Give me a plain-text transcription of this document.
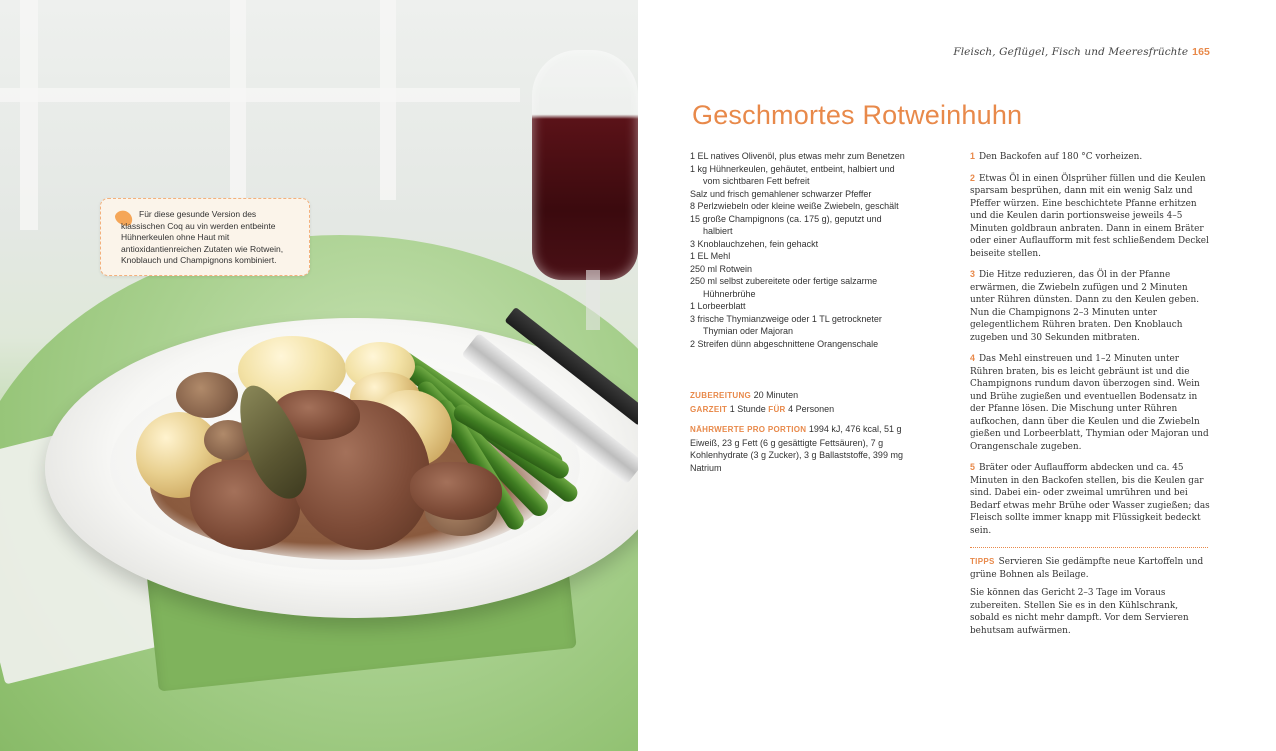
Für diese gesunde Version des klassischen Coq au vin werden entbeinte Hühnerkeulen ohne Haut mit antioxidantienreichen Zutaten wie Rotwein, Knoblauch und Champignons kombiniert.
Fleisch, Geflügel, Fisch und Meeresfrüchte 165
Geschmortes Rotweinhuhn
1 EL natives Olivenöl, plus etwas mehr zum Benetzen
1 kg Hühnerkeulen, gehäutet, entbeint, halbiert und vom sichtbaren Fett befreit
Salz und frisch gemahlener schwarzer Pfeffer
8 Perlzwiebeln oder kleine weiße Zwiebeln, geschält
15 große Champignons (ca. 175 g), geputzt und halbiert
3 Knoblauchzehen, fein gehackt
1 EL Mehl
250 ml Rotwein
250 ml selbst zubereitete oder fertige salzarme Hühnerbrühe
1 Lorbeerblatt
3 frische Thymianzweige oder 1 TL getrockneter Thymian oder Majoran
2 Streifen dünn abgeschnittene Orangenschale
ZUBEREITUNG 20 Minuten
GARZEIT 1 Stunde FÜR 4 Personen
NÄHRWERTE PRO PORTION 1994 kJ, 476 kcal, 51 g Eiweiß, 23 g Fett (6 g gesättigte Fettsäuren), 7 g Kohlenhydrate (3 g Zucker), 3 g Ballaststoffe, 399 mg Natrium
1 Den Backofen auf 180 °C vorheizen.
2 Etwas Öl in einen Ölsprüher füllen und die Keulen sparsam besprühen, dann mit ein wenig Salz und Pfeffer würzen. Eine beschichtete Pfanne erhitzen und die Keulen darin portionsweise jeweils 4–5 Minuten goldbraun anbraten. Dann in einem Bräter oder einer Auflaufform mit fest schließendem Deckel beiseite stellen.
3 Die Hitze reduzieren, das Öl in der Pfanne erwärmen, die Zwiebeln zufügen und 2 Minuten unter Rühren dünsten. Dann zu den Keulen geben. Nun die Champignons 2–3 Minuten unter gelegentlichem Rühren braten. Den Knoblauch zugeben und 30 Sekunden mitbraten.
4 Das Mehl einstreuen und 1–2 Minuten unter Rühren braten, bis es leicht gebräunt ist und die Champignons rundum davon überzogen sind. Wein und Brühe zugießen und eventuellen Bodensatz in der Pfanne lösen. Die Mischung unter Rühren aufkochen, dann über die Keulen und die Zwiebeln gießen und Lorbeerblatt, Thymian oder Majoran und Orangenschale zugeben.
5 Bräter oder Auflaufform abdecken und ca. 45 Minuten in den Backofen stellen, bis die Keulen gar sind. Dabei ein- oder zweimal umrühren und bei Bedarf etwas mehr Brühe oder Wasser zugießen; das Fleisch sollte immer knapp mit Flüssigkeit bedeckt sein.
TIPPS Servieren Sie gedämpfte neue Kartoffeln und grüne Bohnen als Beilage.
Sie können das Gericht 2–3 Tage im Voraus zubereiten. Stellen Sie es in den Kühlschrank, sobald es nicht mehr dampft. Vor dem Servieren behutsam aufwärmen.
